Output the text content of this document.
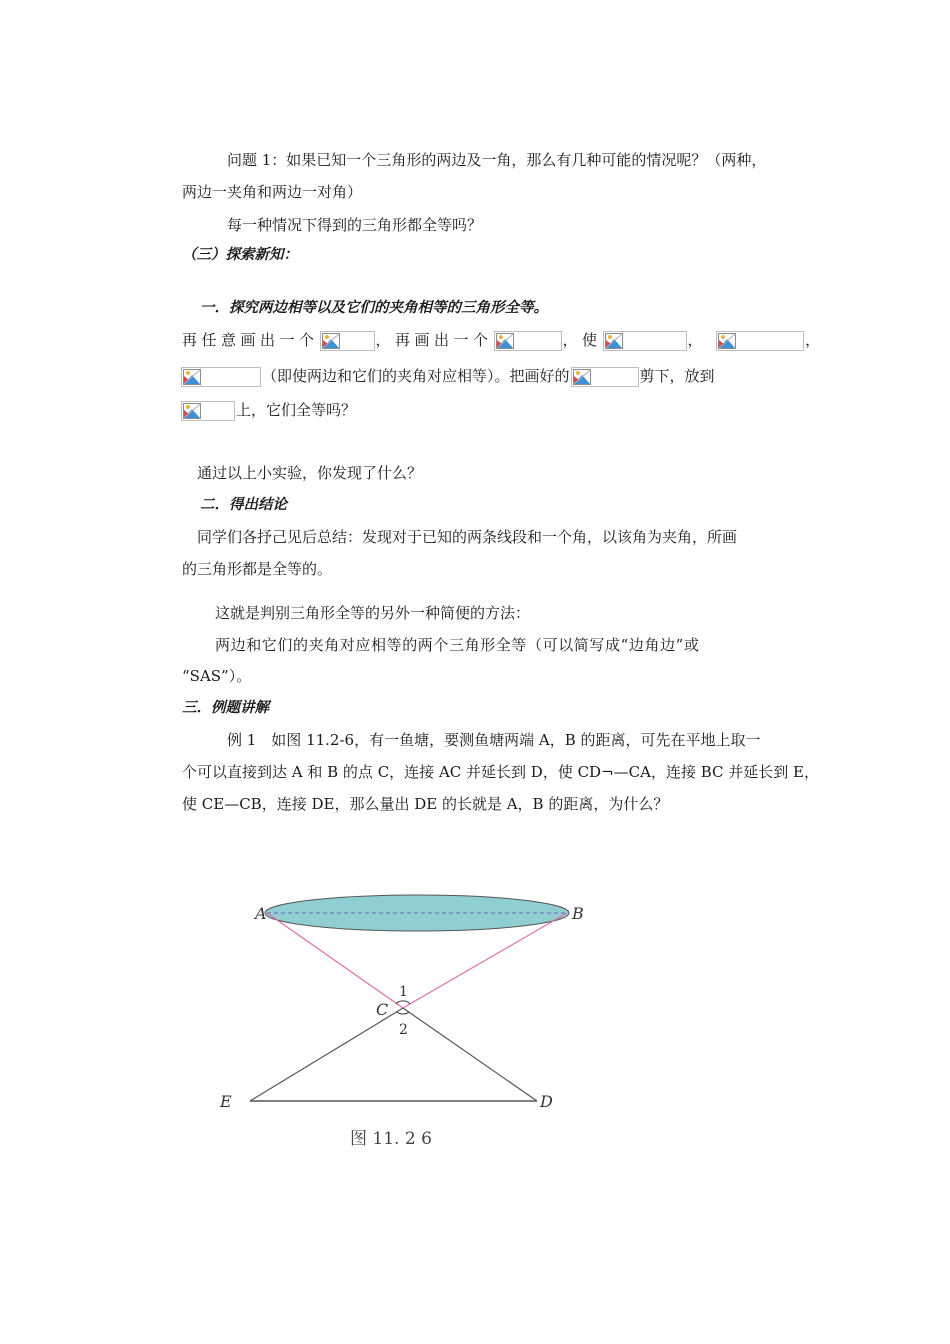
问题 1：如果已知一个三角形的两边及一角，那么有几种可能的情况呢？（两种，
两边一夹角和两边一对角）
每一种情况下得到的三角形都全等吗？
（三）探索新知：
一．探究两边相等以及它们的夹角相等的三角形全等。
再任意画出一个	，再画出一个	，使	，	，
（即使两边和它们的夹角对应相等）。把画好的	剪下，放到
上，它们全等吗？
通过以上小实验，你发现了什么？
二．得出结论
同学们各抒己见后总结：发现对于已知的两条线段和一个角，以该角为夹角，所画
的三角形都是全等的。
这就是判别三角形全等的另外一种简便的方法：
两边和它们的夹角对应相等的两个三角形全等（可以简写成“边角边”或
“SAS”）。
三．例题讲解
例 1　如图 11.2-6，有一鱼塘，要测鱼塘两端 A，B 的距离，可先在平地上取一
个可以直接到达 A 和 B 的点 C，连接 AC 并延长到 D，使 CD¬—CA，连接 BC 并延长到 E，
使 CE—CB，连接 DE，那么量出 DE 的长就是 A，B 的距离，为什么？
A	B
C
D
E
1
2
图 11. 2 6
